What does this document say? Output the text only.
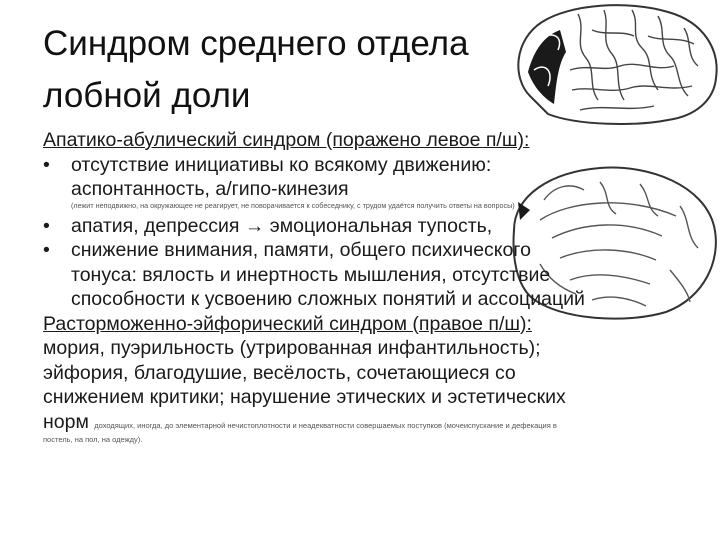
Синдром среднего отдела
лобной доли
Апатико-абулический синдром (поражено левое п/ш):
• отсутствие инициативы ко всякому движению:
аспонтанность, а/гипо-кинезия
(лежит неподвижно, на окружающее не реагирует, не поворачивается к собеседнику, с трудом удаётся получить ответы на вопросы)
• апатия, депрессия → эмоциональная тупость,
• снижение внимания, памяти, общего психического
тонуса: вялость и инертность мышления, отсутствие
способности к усвоению сложных понятий и ассоциаций
Расторможенно-эйфорический синдром (правое п/ш):
мория, пуэрильность (утрированная инфантильность);
эйфория, благодушие, весёлость, сочетающиеся со
снижением критики; нарушение этических и эстетических
норм доходящих, иногда, до элементарной нечистоплотности и неадекватности совершаемых поступков (мочеиспускание и дефекация в
постель, на пол, на одежду).
